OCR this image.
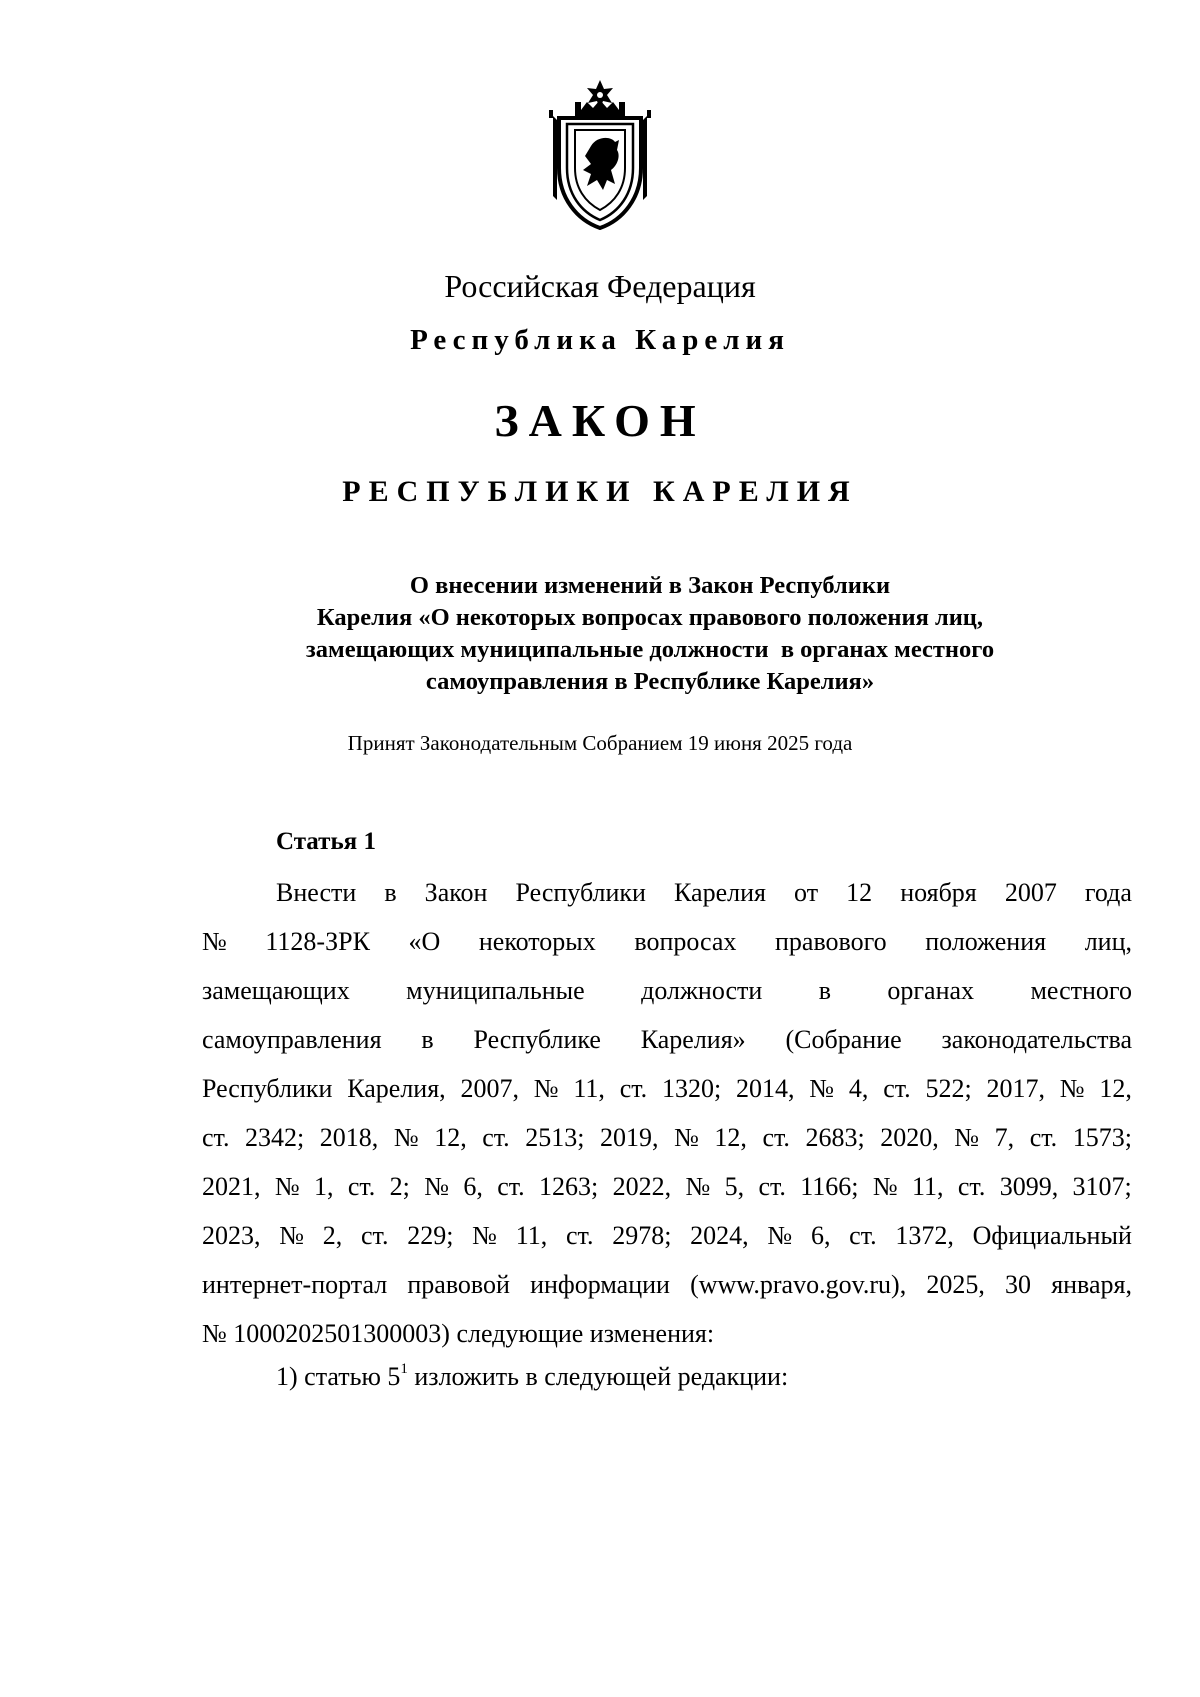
Российская Федерация
Республика Карелия
ЗАКОН
РЕСПУБЛИКИ КАРЕЛИЯ
О внесении изменений в Закон Республики
Карелия «О некоторых вопросах правового положения лиц,
замещающих муниципальные должности  в органах местного
самоуправления в Республике Карелия»
Принят Законодательным Собранием 19 июня 2025 года
Статья 1
Внести в Закон Республики Карелия от 12 ноября 2007 года
№ 1128-ЗРК «О некоторых вопросах правового положения лиц,
замещающих муниципальные должности в органах местного
самоуправления в Республике Карелия» (Собрание законодательства
Республики Карелия, 2007, № 11, ст. 1320; 2014, № 4, ст. 522; 2017, № 12,
ст. 2342; 2018, № 12, ст. 2513; 2019, № 12, ст. 2683; 2020, № 7, ст. 1573;
2021, № 1, ст. 2; № 6, ст. 1263; 2022, № 5, ст. 1166; № 11, ст. 3099, 3107;
2023, № 2, ст. 229; № 11, ст. 2978; 2024, № 6, ст. 1372, Официальный
интернет-портал правовой информации (www.pravo.gov.ru), 2025, 30 января,
№ 1000202501300003) следующие изменения:
1) статью $5^1$ изложить в следующей редакции:
